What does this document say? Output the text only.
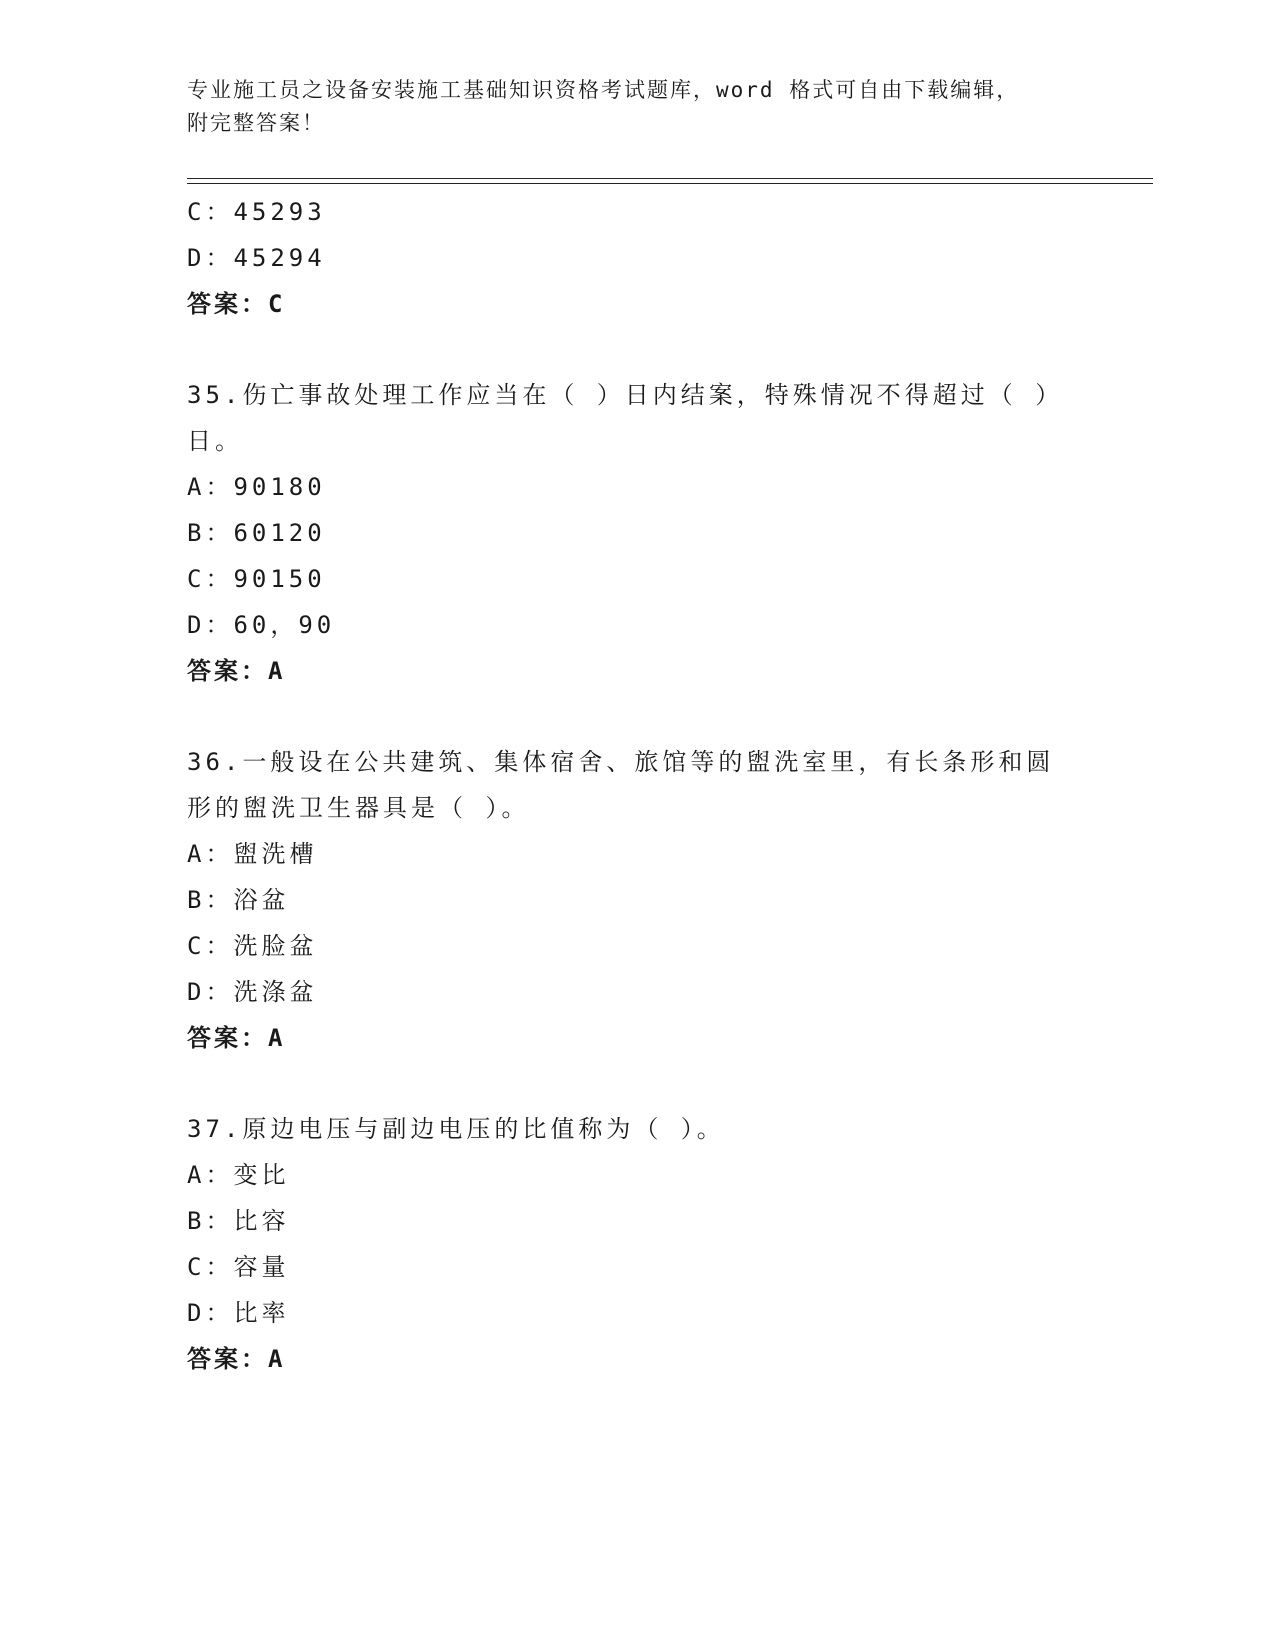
专业施工员之设备安装施工基础知识资格考试题库，word 格式可自由下载编辑，
附完整答案！
C：45293
D：45294
答案：C
35.伤亡事故处理工作应当在（ ）日内结案，特殊情况不得超过（ ）
日。
A：90180
B：60120
C：90150
D：60，90
答案：A
36.一般设在公共建筑、集体宿舍、旅馆等的盥洗室里，有长条形和圆
形的盥洗卫生器具是（ ）。
A：盥洗槽
B：浴盆
C：洗脸盆
D：洗涤盆
答案：A
37.原边电压与副边电压的比值称为（ ）。
A：变比
B：比容
C：容量
D：比率
答案：A
